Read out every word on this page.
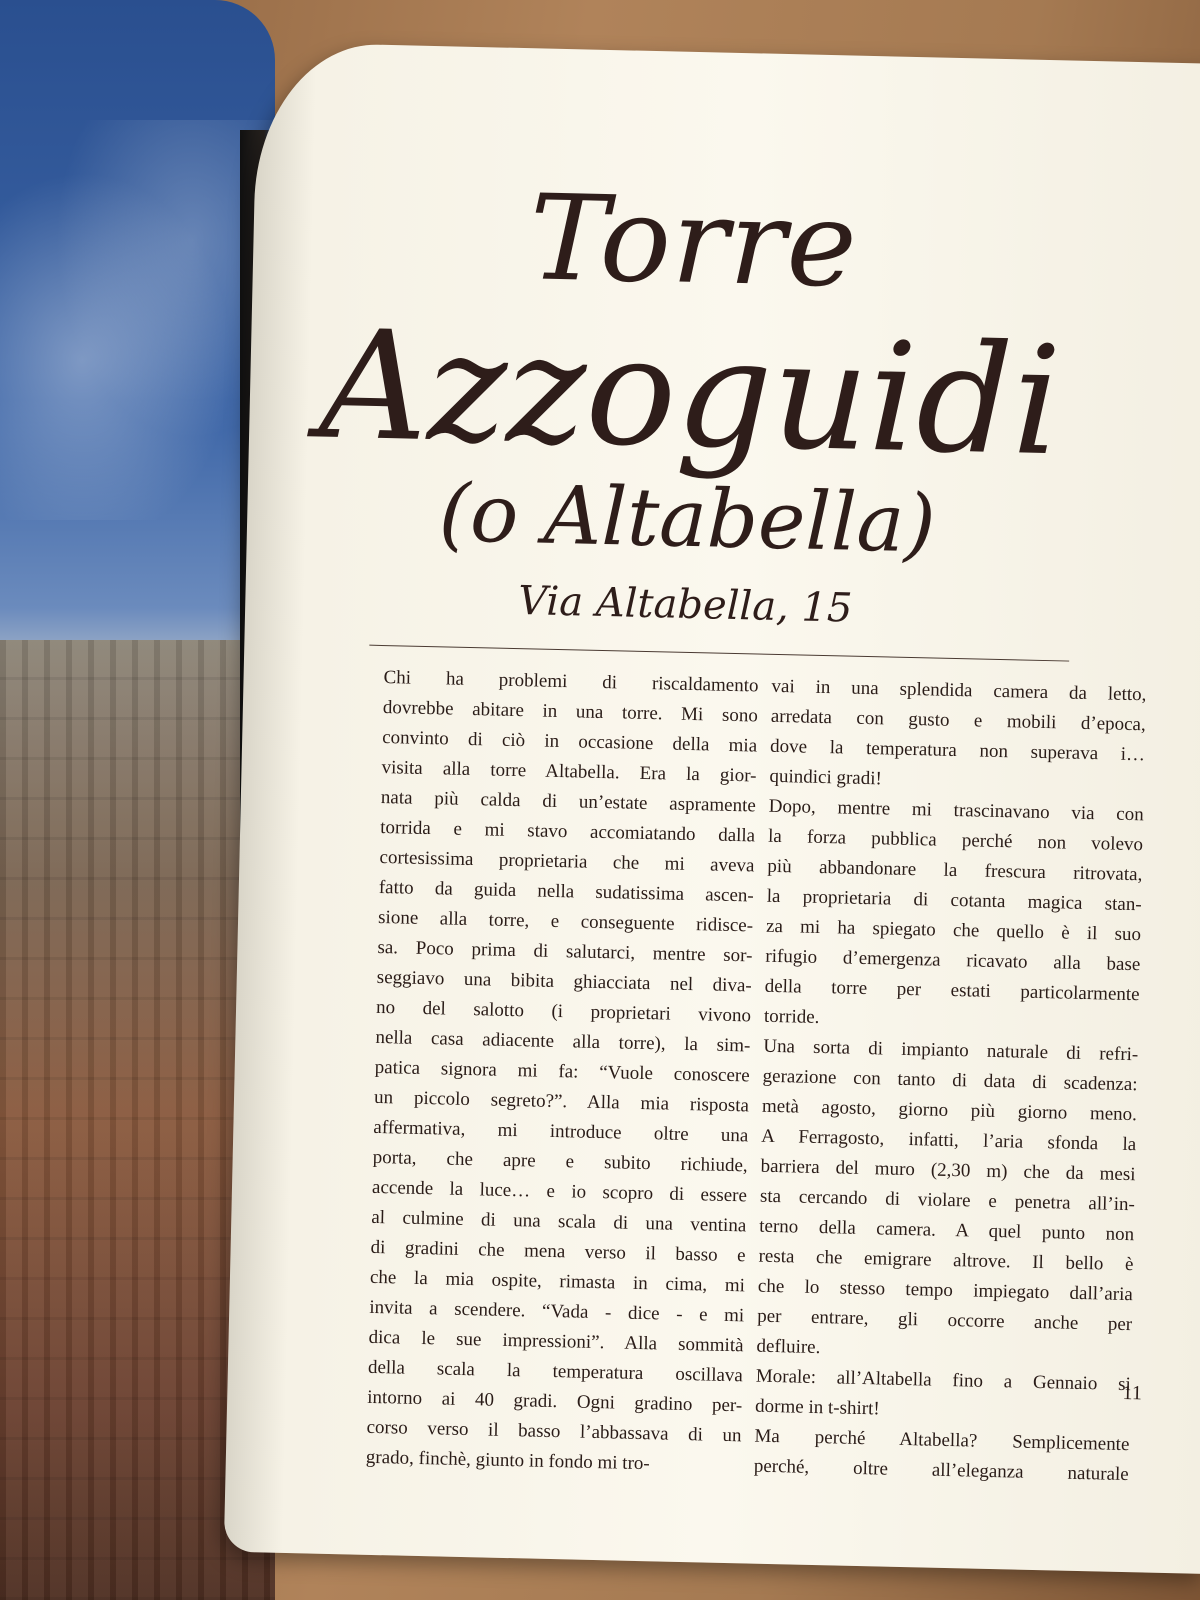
Torre
Azzoguidi
(o Altabella)
Via Altabella, 15
Chi ha problemi di riscaldamento
dovrebbe abitare in una torre. Mi sono
convinto di ciò in occasione della mia
visita alla torre Altabella. Era la gior-
nata più calda di un’estate aspramente
torrida e mi stavo accomiatando dalla
cortesissima proprietaria che mi aveva
fatto da guida nella sudatissima ascen-
sione alla torre, e conseguente ridisce-
sa. Poco prima di salutarci, mentre sor-
seggiavo una bibita ghiacciata nel diva-
no del salotto (i proprietari vivono
nella casa adiacente alla torre), la sim-
patica signora mi fa: “Vuole conoscere
un piccolo segreto?”. Alla mia risposta
affermativa, mi introduce oltre una
porta, che apre e subito richiude,
accende la luce… e io scopro di essere
al culmine di una scala di una ventina
di gradini che mena verso il basso e
che la mia ospite, rimasta in cima, mi
invita a scendere. “Vada - dice - e mi
dica le sue impressioni”. Alla sommità
della scala la temperatura oscillava
intorno ai 40 gradi. Ogni gradino per-
corso verso il basso l’abbassava di un
grado, finchè, giunto in fondo mi tro-
vai in una splendida camera da letto,
arredata con gusto e mobili d’epoca,
dove la temperatura non superava i…
quindici gradi!
Dopo, mentre mi trascinavano via con
la forza pubblica perché non volevo
più abbandonare la frescura ritrovata,
la proprietaria di cotanta magica stan-
za mi ha spiegato che quello è il suo
rifugio d’emergenza ricavato alla base
della torre per estati particolarmente
torride.
Una sorta di impianto naturale di refri-
gerazione con tanto di data di scadenza:
metà agosto, giorno più giorno meno.
A Ferragosto, infatti, l’aria sfonda la
barriera del muro (2,30 m) che da mesi
sta cercando di violare e penetra all’in-
terno della camera. A quel punto non
resta che emigrare altrove. Il bello è
che lo stesso tempo impiegato dall’aria
per entrare, gli occorre anche per
defluire.
Morale: all’Altabella fino a Gennaio si
dorme in t-shirt!
Ma perché Altabella? Semplicemente
perché, oltre all’eleganza naturale
11
